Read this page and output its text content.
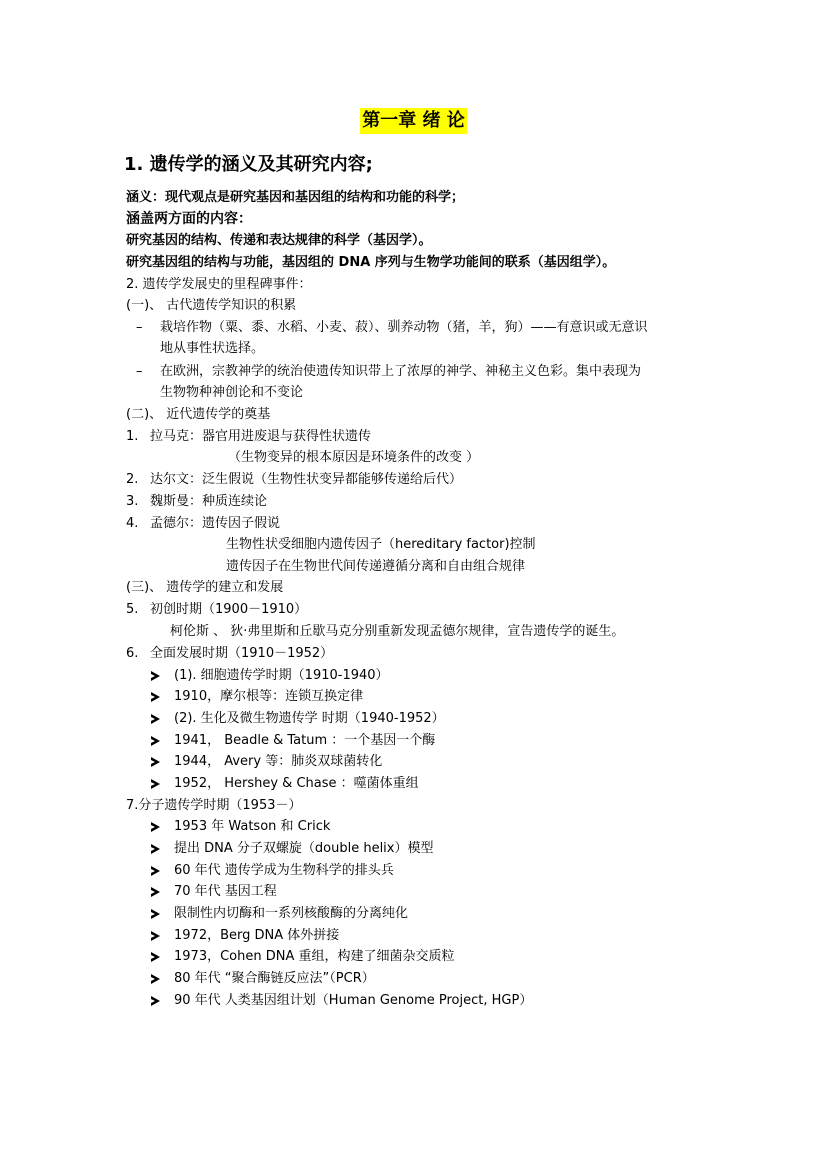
第一章 绪 论
1. 遗传学的涵义及其研究内容;
涵义：现代观点是研究基因和基因组的结构和功能的科学；
涵盖两方面的内容：
研究基因的结构、传递和表达规律的科学（基因学）。
研究基因组的结构与功能，基因组的 DNA 序列与生物学功能间的联系（基因组学）。
2. 遗传学发展史的里程碑事件：
(一)、 古代遗传学知识的积累
– 栽培作物（粟、黍、水稻、小麦、菽）、驯养动物（猪，羊，狗）——有意识或无意识
地从事性状选择。
– 在欧洲，宗教神学的统治使遗传知识带上了浓厚的神学、神秘主义色彩。集中表现为
生物物种神创论和不变论
(二)、 近代遗传学的奠基
1. 拉马克：器官用进废退与获得性状遗传
（生物变异的根本原因是环境条件的改变 ）
2. 达尔文：泛生假说（生物性状变异都能够传递给后代）
3. 魏斯曼：种质连续论
4. 孟德尔：遗传因子假说
生物性状受细胞内遗传因子（hereditary factor)控制
遗传因子在生物世代间传递遵循分离和自由组合规律
(三)、 遗传学的建立和发展
5. 初创时期（1900－1910）
柯伦斯 、 狄·弗里斯和丘歇马克分别重新发现孟德尔规律，宣告遗传学的诞生。
6. 全面发展时期（1910－1952）
(1). 细胞遗传学时期（1910-1940）
1910，摩尔根等：连锁互换定律
(2). 生化及微生物遗传学 时期（1940-1952）
1941， Beadle & Tatum ：一个基因一个酶
1944， Avery 等：肺炎双球菌转化
1952， Hershey & Chase ：噬菌体重组
7.分子遗传学时期（1953－）
1953 年 Watson 和 Crick
提出 DNA 分子双螺旋（double helix）模型
60 年代 遗传学成为生物科学的排头兵
70 年代 基因工程
限制性内切酶和一系列核酸酶的分离纯化
1972，Berg DNA 体外拼接
1973，Cohen DNA 重组，构建了细菌杂交质粒
80 年代 “聚合酶链反应法”（PCR）
90 年代 人类基因组计划（Human Genome Project, HGP）
